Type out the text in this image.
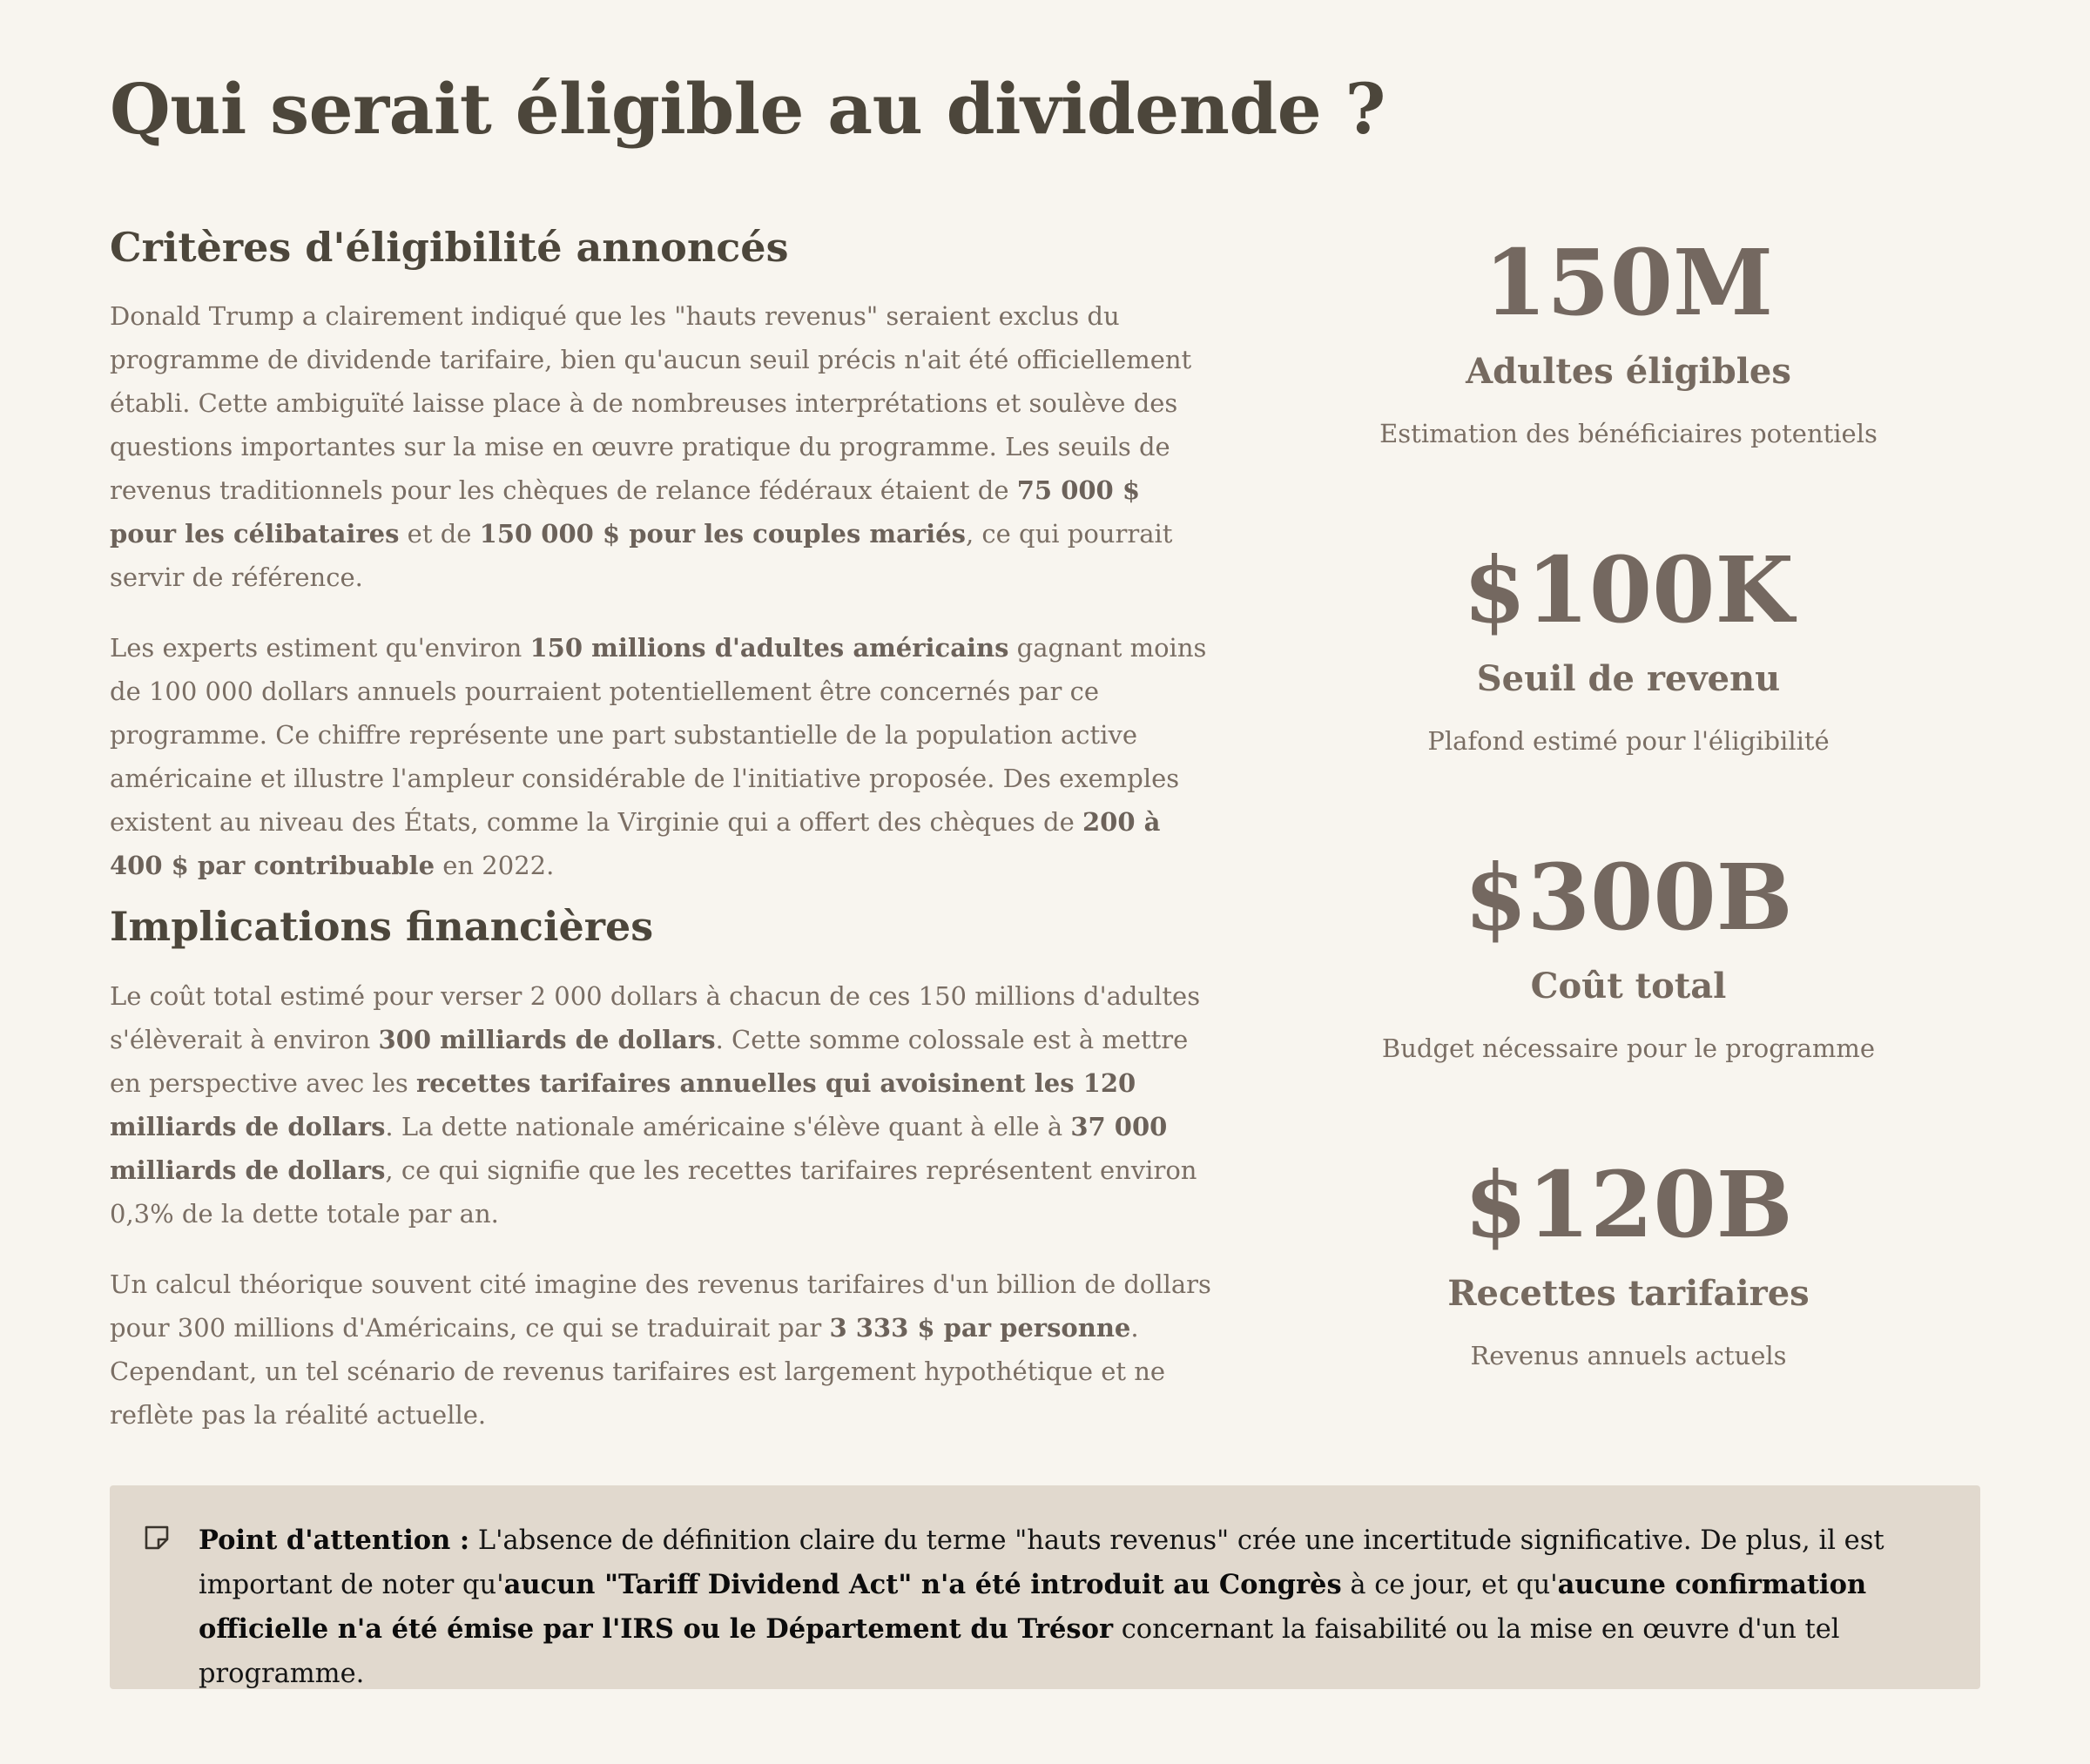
Qui serait éligible au dividende ?
Critères d'éligibilité annoncés

Donald Trump a clairement indiqué que les "hauts revenus" seraient exclus du programme de dividende tarifaire, bien qu'aucun seuil précis n'ait été officiellement établi. Cette ambiguïté laisse place à de nombreuses interprétations et soulève des questions importantes sur la mise en œuvre pratique du programme. Les seuils de revenus traditionnels pour les chèques de relance fédéraux étaient de 75 000 $ pour les célibataires et de 150 000 $ pour les couples mariés, ce qui pourrait servir de référence.

Les experts estiment qu'environ 150 millions d'adultes américains gagnant moins de 100 000 dollars annuels pourraient potentiellement être concernés par ce programme. Ce chiffre représente une part substantielle de la population active américaine et illustre l'ampleur considérable de l'initiative proposée. Des exemples existent au niveau des États, comme la Virginie qui a offert des chèques de 200 à 400 $ par contribuable en 2022.

Implications financières

Le coût total estimé pour verser 2 000 dollars à chacun de ces 150 millions d'adultes s'élèverait à environ 300 milliards de dollars. Cette somme colossale est à mettre en perspective avec les recettes tarifaires annuelles qui avoisinent les 120 milliards de dollars. La dette nationale américaine s'élève quant à elle à 37 000 milliards de dollars, ce qui signifie que les recettes tarifaires représentent environ 0,3% de la dette totale par an.

Un calcul théorique souvent cité imagine des revenus tarifaires d'un billion de dollars pour 300 millions d'Américains, ce qui se traduirait par 3 333 $ par personne. Cependant, un tel scénario de revenus tarifaires est largement hypothétique et ne reflète pas la réalité actuelle.

150M
Adultes éligibles
Estimation des bénéficiaires potentiels
$100K
Seuil de revenu
Plafond estimé pour l'éligibilité
$300B
Coût total
Budget nécessaire pour le programme
$120B
Recettes tarifaires
Revenus annuels actuels
Point d'attention : L'absence de définition claire du terme "hauts revenus" crée une incertitude significative. De plus, il est important de noter qu'aucun "Tariff Dividend Act" n'a été introduit au Congrès à ce jour, et qu'aucune confirmation officielle n'a été émise par l'IRS ou le Département du Trésor concernant la faisabilité ou la mise en œuvre d'un tel programme.
